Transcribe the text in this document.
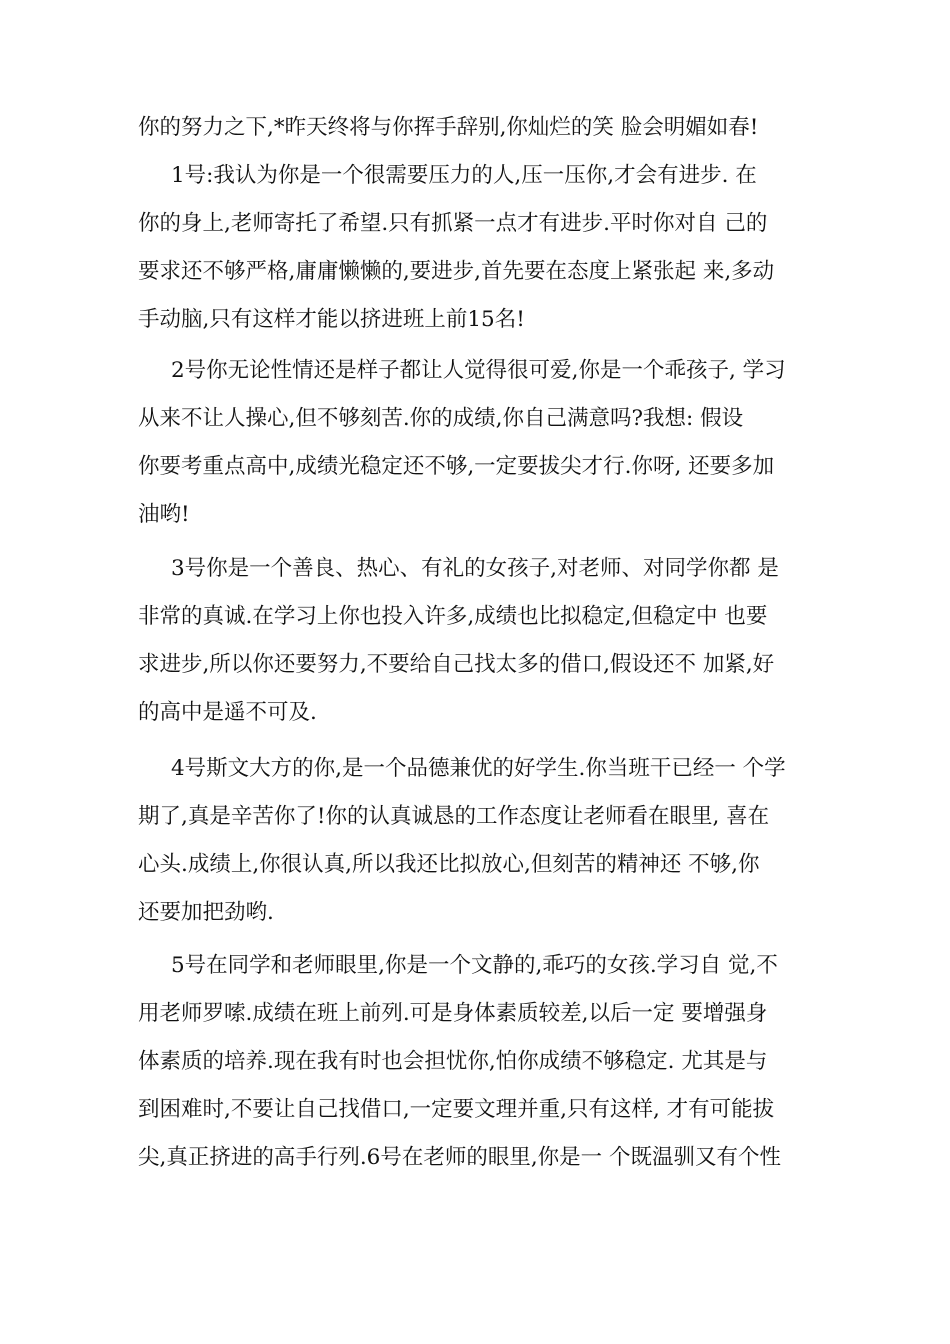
你的努力之下,*昨天终将与你挥手辞别,你灿烂的笑 脸会明媚如春!
1号:我认为你是一个很需要压力的人,压一压你,才会有进步. 在
你的身上,老师寄托了希望.只有抓紧一点才有进步.平时你对自 己的
要求还不够严格,庸庸懒懒的,要进步,首先要在态度上紧张起 来,多动
手动脑,只有这样才能以挤进班上前15名!
2号你无论性情还是样子都让人觉得很可爱,你是一个乖孩子, 学习
从来不让人操心,但不够刻苦.你的成绩,你自己满意吗?我想: 假设
你要考重点高中,成绩光稳定还不够,一定要拔尖才行.你呀, 还要多加
油哟!
3号你是一个善良、热心、有礼的女孩子,对老师、对同学你都 是
非常的真诚.在学习上你也投入许多,成绩也比拟稳定,但稳定中 也要
求进步,所以你还要努力,不要给自己找太多的借口,假设还不 加紧,好
的高中是遥不可及.
4号斯文大方的你,是一个品德兼优的好学生.你当班干已经一 个学
期了,真是辛苦你了!你的认真诚恳的工作态度让老师看在眼里, 喜在
心头.成绩上,你很认真,所以我还比拟放心,但刻苦的精神还 不够,你
还要加把劲哟.
5号在同学和老师眼里,你是一个文静的,乖巧的女孩.学习自 觉,不
用老师罗嗦.成绩在班上前列.可是身体素质较差,以后一定 要增强身
体素质的培养.现在我有时也会担忧你,怕你成绩不够稳定. 尤其是与
到困难时,不要让自己找借口,一定要文理并重,只有这样, 才有可能拔
尖,真正挤进的高手行列.6号在老师的眼里,你是一 个既温驯又有个性
